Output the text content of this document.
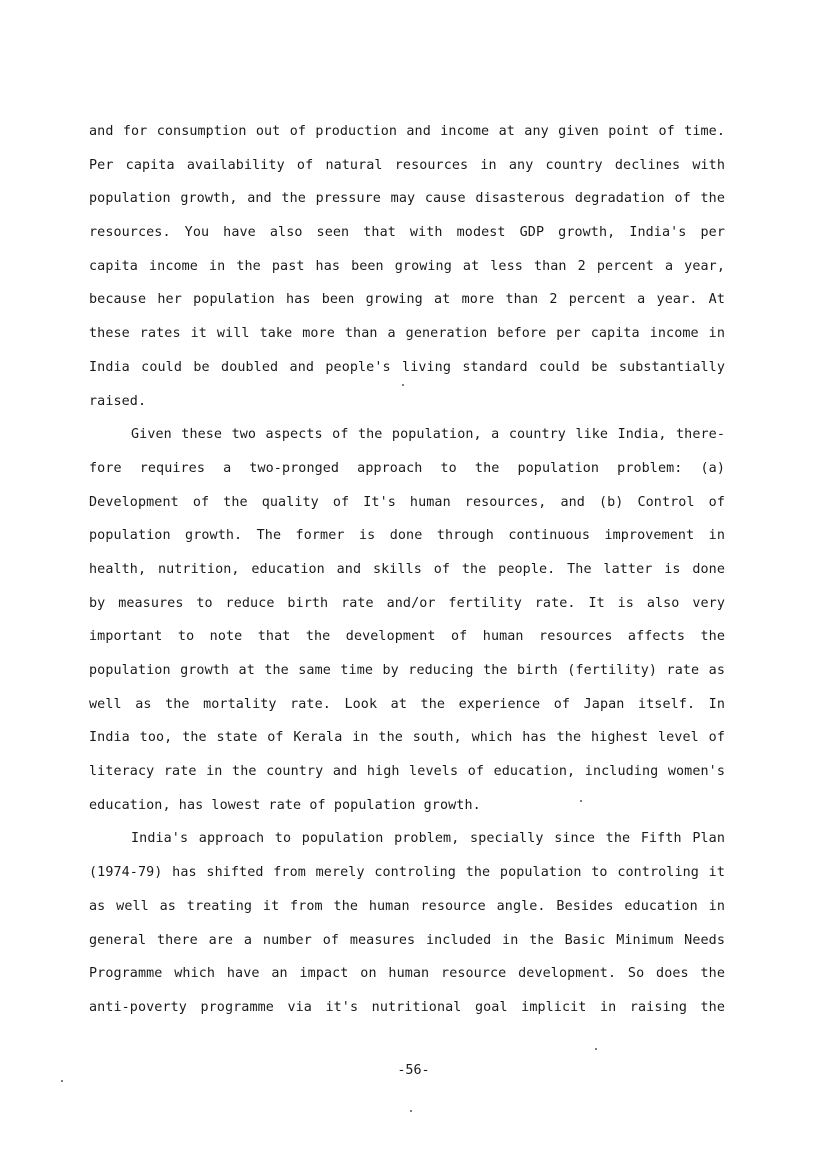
and for consumption out of production and income at any given point of time.
Per capita availability of natural resources in any country declines with
population growth, and the pressure may cause disasterous degradation of the
resources. You have also seen that with modest GDP growth, India's per
capita income in the past has been growing at less than 2 percent a year,
because her population has been growing at more than 2 percent a year. At
these rates it will take more than a generation before per capita income in
India could be doubled and people's living standard could be substantially
raised.
Given these two aspects of the population, a country like India, there-
fore requires a two-pronged approach to the population problem: (a)
Development of the quality of It's human resources, and (b) Control of
population growth. The former is done through continuous improvement in
health, nutrition, education and skills of the people. The latter is done
by measures to reduce birth rate and/or fertility rate. It is also very
important to note that the development of human resources affects the
population growth at the same time by reducing the birth (fertility) rate as
well as the mortality rate. Look at the experience of Japan itself. In
India too, the state of Kerala in the south, which has the highest level of
literacy rate in the country and high levels of education, including women's
education, has lowest rate of population growth.
India's approach to population problem, specially since the Fifth Plan
(1974-79) has shifted from merely controling the population to controling it
as well as treating it from the human resource angle. Besides education in
general there are a number of measures included in the Basic Minimum Needs
Programme which have an impact on human resource development. So does the
anti-poverty programme via it's nutritional goal implicit in raising the
-56-
